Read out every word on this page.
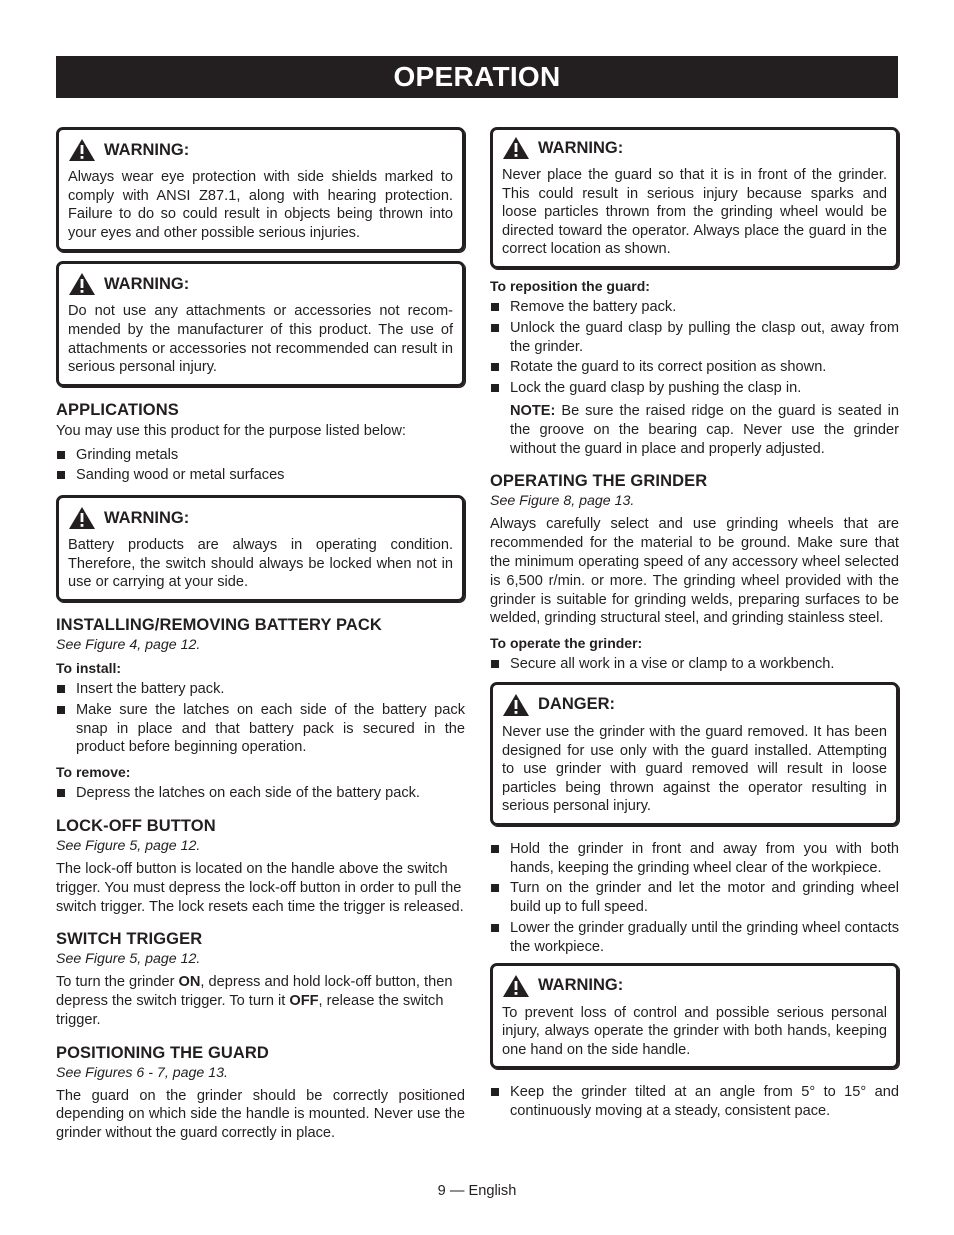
OPERATION
WARNING:

Always wear eye protection with side shields marked to comply with ANSI Z87.1, along with hearing protection. Failure to do so could result in objects being thrown into your eyes and other possible serious injuries.

WARNING:

Do not use any attachments or accessories not recommended by the manufacturer of this product. The use of attachments or accessories not recommended can result in serious personal injury.

APPLICATIONS

You may use this product for the purpose listed below:

Grinding metals
Sanding wood or metal surfaces
WARNING:

Battery products are always in operating condition. Therefore, the switch should always be locked when not in use or carrying at your side.

INSTALLING/REMOVING BATTERY PACK

See Figure 4, page 12.

To install:
Insert the battery pack.
Make sure the latches on each side of the battery pack snap in place and that battery pack is secured in the product before beginning operation.
To remove:
Depress the latches on each side of the battery pack.
LOCK-OFF BUTTON

See Figure 5, page 12.

The lock-off button is located on the handle above the switch trigger. You must depress the lock-off button in order to pull the switch trigger. The lock resets each time the trigger is released.

SWITCH TRIGGER

See Figure 5, page 12.

To turn the grinder ON, depress and hold lock-off button, then depress the switch trigger. To turn it OFF, release the switch trigger.

POSITIONING THE GUARD

See Figures 6 - 7, page 13.

The guard on the grinder should be correctly positioned depending on which side the handle is mounted. Never use the grinder without the guard correctly in place.

WARNING:

Never place the guard so that it is in front of the grinder. This could result in serious injury because sparks and loose particles thrown from the grinding wheel would be directed toward the operator. Always place the guard in the correct location as shown.

To reposition the guard:
Remove the battery pack.
Unlock the guard clasp by pulling the clasp out, away from the grinder.
Rotate the guard to its correct position as shown.
Lock the guard clasp by pushing the clasp in.

NOTE: Be sure the raised ridge on the guard is seated in the groove on the bearing cap. Never use the grinder without the guard in place and properly adjusted.

OPERATING THE GRINDER

See Figure 8, page 13.

Always carefully select and use grinding wheels that are recommended for the material to be ground. Make sure that the minimum operating speed of any accessory wheel selected is 6,500 r/min. or more. The grinding wheel provided with the grinder is suitable for grinding welds, preparing surfaces to be welded, grinding structural steel, and grinding stainless steel.

To operate the grinder:
Secure all work in a vise or clamp to a workbench.
DANGER:

Never use the grinder with the guard removed. It has been designed for use only with the guard installed. Attempting to use grinder with guard removed will result in loose particles being thrown against the operator resulting in serious personal injury.

Hold the grinder in front and away from you with both hands, keeping the grinding wheel clear of the workpiece.
Turn on the grinder and let the motor and grinding wheel build up to full speed.
Lower the grinder gradually until the grinding wheel contacts the workpiece.
WARNING:

To prevent loss of control and possible serious personal injury, always operate the grinder with both hands, keeping one hand on the side handle.

Keep the grinder tilted at an angle from 5° to 15° and continuously moving at a steady, consistent pace.
9 — English
